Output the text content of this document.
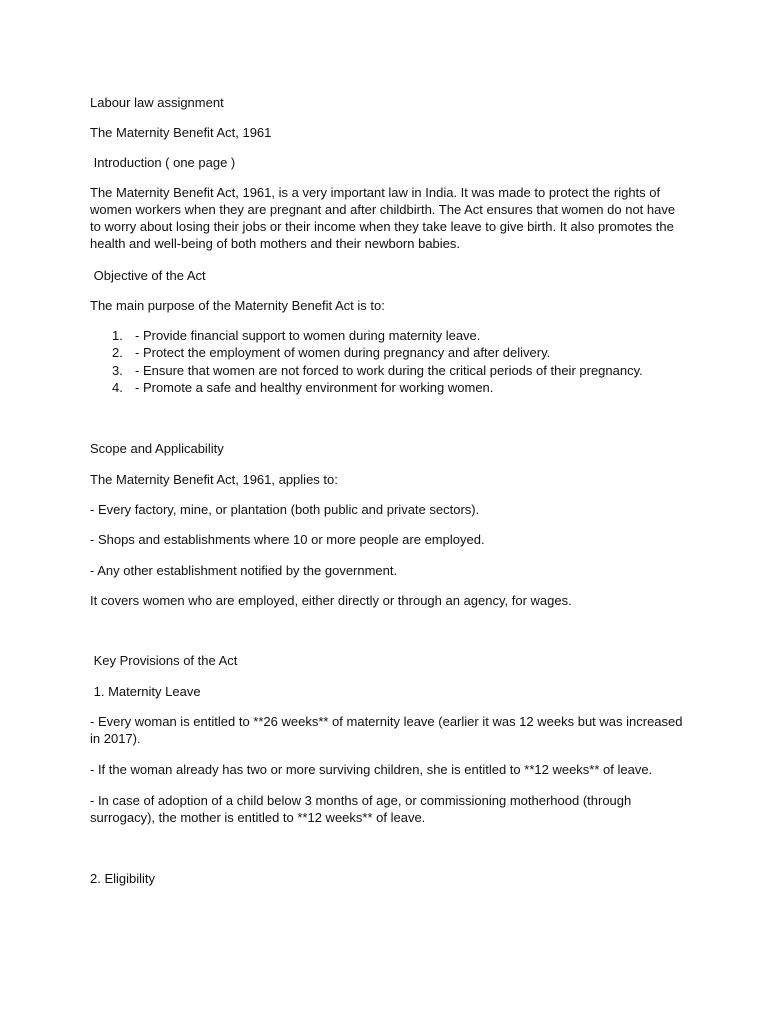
Labour law assignment
The Maternity Benefit Act, 1961
Introduction ( one page )
The Maternity Benefit Act, 1961, is a very important law in India. It was made to protect the rights of
women workers when they are pregnant and after childbirth. The Act ensures that women do not have
to worry about losing their jobs or their income when they take leave to give birth. It also promotes the
health and well-being of both mothers and their newborn babies.
Objective of the Act
The main purpose of the Maternity Benefit Act is to:
1. - Provide financial support to women during maternity leave.
2. - Protect the employment of women during pregnancy and after delivery.
3. - Ensure that women are not forced to work during the critical periods of their pregnancy.
4. - Promote a safe and healthy environment for working women.
Scope and Applicability
The Maternity Benefit Act, 1961, applies to:
- Every factory, mine, or plantation (both public and private sectors).
- Shops and establishments where 10 or more people are employed.
- Any other establishment notified by the government.
It covers women who are employed, either directly or through an agency, for wages.
Key Provisions of the Act
1. Maternity Leave
- Every woman is entitled to **26 weeks** of maternity leave (earlier it was 12 weeks but was increased
in 2017).
- If the woman already has two or more surviving children, she is entitled to **12 weeks** of leave.
- In case of adoption of a child below 3 months of age, or commissioning motherhood (through
surrogacy), the mother is entitled to **12 weeks** of leave.
2. Eligibility
